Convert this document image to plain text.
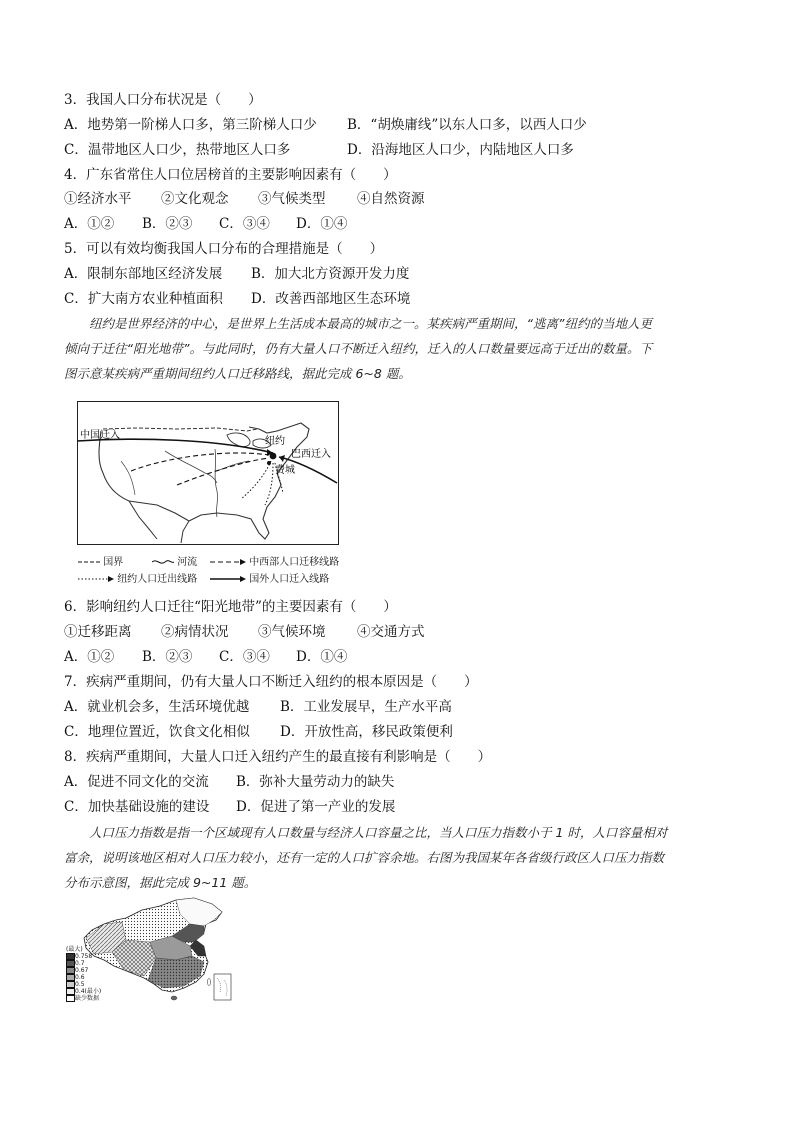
3．我国人口分布状况是（　　）
A．地势第一阶梯人口多，第三阶梯人口少 B．“胡焕庸线”以东人口多，以西人口少
C．温带地区人口少，热带地区人口多	D．沿海地区人口少，内陆地区人口多
4．广东省常住人口位居榜首的主要影响因素有（　　）
①经济水平 ②文化观念 ③气候类型 ④自然资源
A．①② B．②③ C．③④ D．①④
5．可以有效均衡我国人口分布的合理措施是（　　）
A．限制东部地区经济发展 B．加大北方资源开发力度
C．扩大南方农业种植面积 D．改善西部地区生态环境

纽约是世界经济的中心，是世界上生活成本最高的城市之一。某疾病严重期间，“逃离”纽约的当地人更

倾向于迁往“阳光地带”。与此同时，仍有大量人口不断迁入纽约，迁入的人口数量要远高于迁出的数量。下

图示意某疾病严重期间纽约人口迁移路线，据此完成 6~8 题。

中国迁入
纽约
巴西迁入
费城
国界	河流	中西部人口迁移线路
纽约人口迁出线路	国外人口迁入线路
6．影响纽约人口迁往“阳光地带”的主要因素有（　　）
①迁移距离 ②病情状况 ③气候环境 ④交通方式
A．①② B．②③ C．③④ D．①④
7．疾病严重期间，仍有大量人口不断迁入纽约的根本原因是（　　）
A．就业机会多，生活环境优越 B．工业发展早，生产水平高
C．地理位置近，饮食文化相似 D．开放性高，移民政策便利
8．疾病严重期间，大量人口迁入纽约产生的最直接有利影响是（　　）
A．促进不同文化的交流 B．弥补大量劳动力的缺失
C．加快基础设施的建设 D．促进了第一产业的发展

人口压力指数是指一个区域现有人口数量与经济人口容量之比，当人口压力指数小于 1 时，人口容量相对

富余，说明该地区相对人口压力较小，还有一定的人口扩容余地。右图为我国某年各省级行政区人口压力指数

分布示意图，据此完成 9~11 题。

(最大)
0.758
0.7
0.67
0.6
0.5
0.4(最小)
缺少数据
